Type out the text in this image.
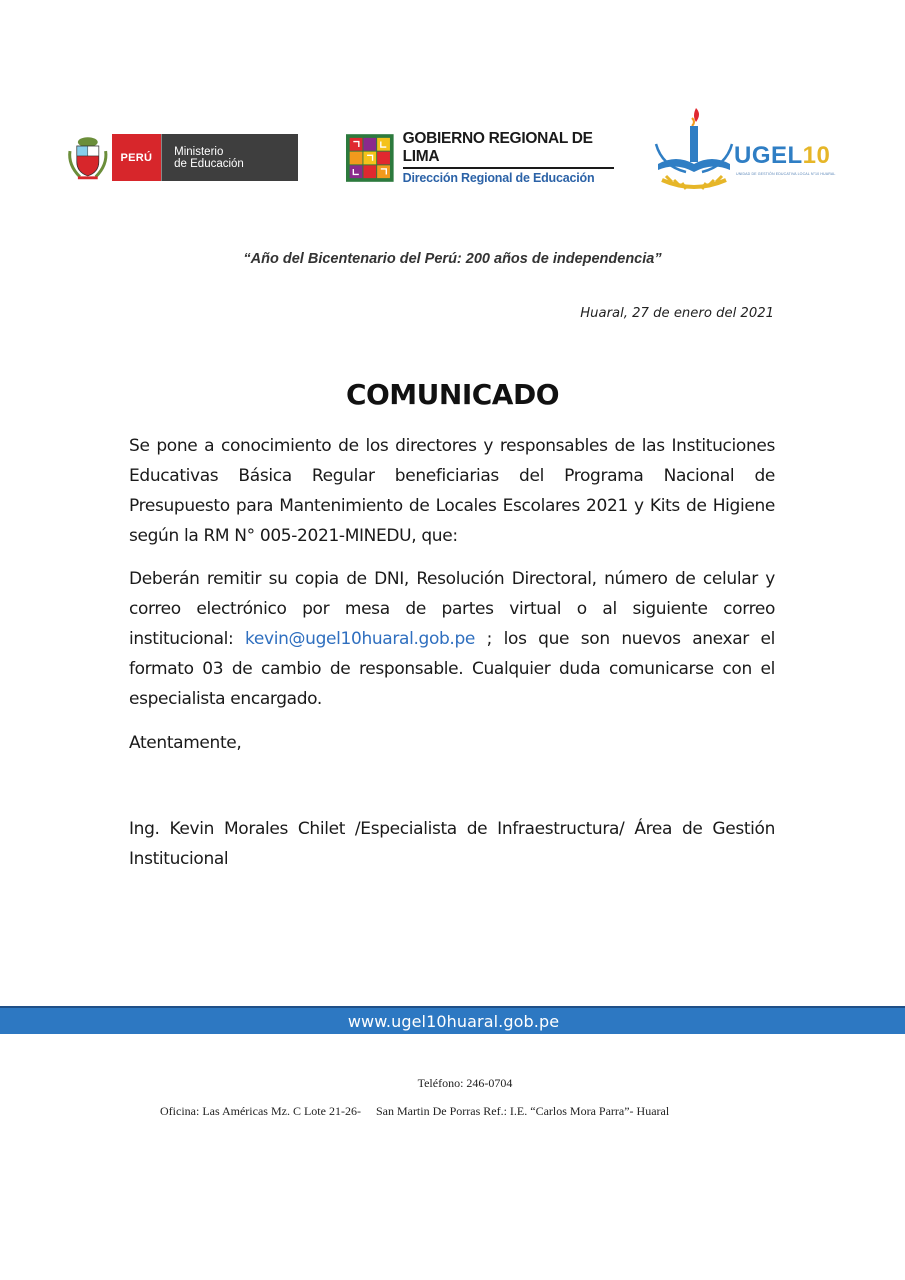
PERÚ	Ministerio
de Educación
GOBIERNO REGIONAL DE LIMA
Dirección Regional de Educación
UGEL10
UNIDAD DE GESTIÓN EDUCATIVA LOCAL N°10 HUARAL
“Año del Bicentenario del Perú: 200 años de independencia”
Huaral, 27 de enero del 2021
COMUNICADO
Se pone a conocimiento de los directores y responsables de las Instituciones Educativas Básica Regular beneficiarias del Programa Nacional de Presupuesto para Mantenimiento de Locales Escolares 2021 y Kits de Higiene según la RM N° 005-2021-MINEDU, que:
Deberán remitir su copia de DNI, Resolución Directoral, número de celular y correo electrónico por mesa de partes virtual o al siguiente correo institucional: kevin@ugel10huaral.gob.pe ; los que son nuevos anexar el formato 03 de cambio de responsable. Cualquier duda comunicarse con el especialista encargado.
Atentamente,
Ing. Kevin Morales Chilet /Especialista de Infraestructura/ Área de Gestión Institucional
www.ugel10huaral.gob.pe
Teléfono: 246-0704
Oficina: Las Américas Mz. C Lote 21-26-     San Martin De Porras Ref.: I.E. “Carlos Mora Parra”- Huaral
